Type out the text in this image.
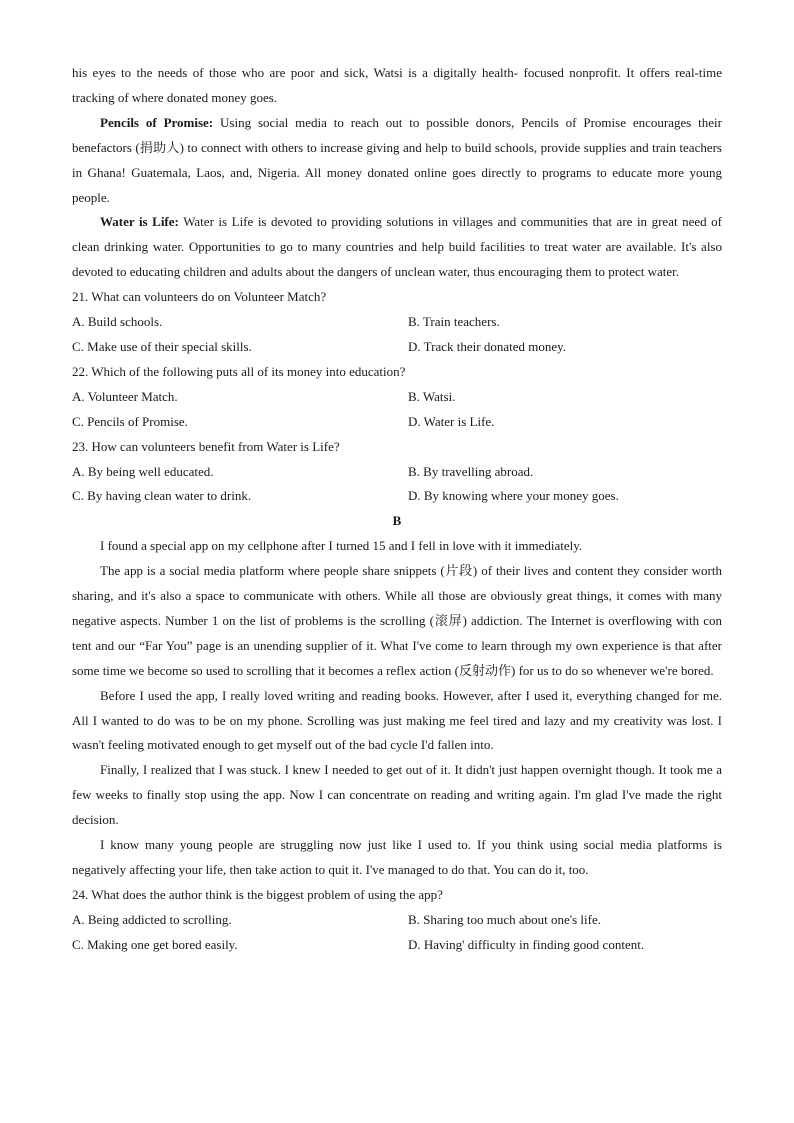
his eyes to the needs of those who are poor and sick, Watsi is a digitally health- focused nonprofit. It offers real-time tracking of where donated money goes.

Pencils of Promise: Using social media to reach out to possible donors, Pencils of Promise encourages their benefactors (捐助人) to connect with others to increase giving and help to build schools, provide supplies and train teachers in Ghana! Guatemala, Laos, and, Nigeria. All money donated online goes directly to programs to educate more young people.

Water is Life: Water is Life is devoted to providing solutions in villages and communities that are in great need of clean drinking water. Opportunities to go to many countries and help build facilities to treat water are available. It's also devoted to educating children and adults about the dangers of unclean water, thus encouraging them to protect water.

21. What can volunteers do on Volunteer Match?

A. Build schools.	B. Train teachers.

C. Make use of their special skills.	D. Track their donated money.

22. Which of the following puts all of its money into education?

A. Volunteer Match.	B. Watsi.

C. Pencils of Promise.	D. Water is Life.

23. How can volunteers benefit from Water is Life?

A. By being well educated.	B. By travelling abroad.

C. By having clean water to drink.	D. By knowing where your money goes.

B

I found a special app on my cellphone after I turned 15 and I fell in love with it immediately.

The app is a social media platform where people share snippets (片段) of their lives and content they consider worth sharing, and it's also a space to communicate with others. While all those are obviously great things, it comes with many negative aspects. Number 1 on the list of problems is the scrolling (滚屏) addiction. The Internet is overflowing with con tent and our “Far You” page is an unending supplier of it. What I've come to learn through my own experience is that after some time we become so used to scrolling that it becomes a reflex action (反射动作) for us to do so whenever we're bored.

Before I used the app, I really loved writing and reading books. However, after I used it, everything changed for me. All I wanted to do was to be on my phone. Scrolling was just making me feel tired and lazy and my creativity was lost. I wasn't feeling motivated enough to get myself out of the bad cycle I'd fallen into.

Finally, I realized that I was stuck. I knew I needed to get out of it. It didn't just happen overnight though. It took me a few weeks to finally stop using the app. Now I can concentrate on reading and writing again. I'm glad I've made the right decision.

I know many young people are struggling now just like I used to. If you think using social media platforms is negatively affecting your life, then take action to quit it. I've managed to do that. You can do it, too.

24. What does the author think is the biggest problem of using the app?

A. Being addicted to scrolling.	B. Sharing too much about one's life.

C. Making one get bored easily.	D. Having' difficulty in finding good content.
